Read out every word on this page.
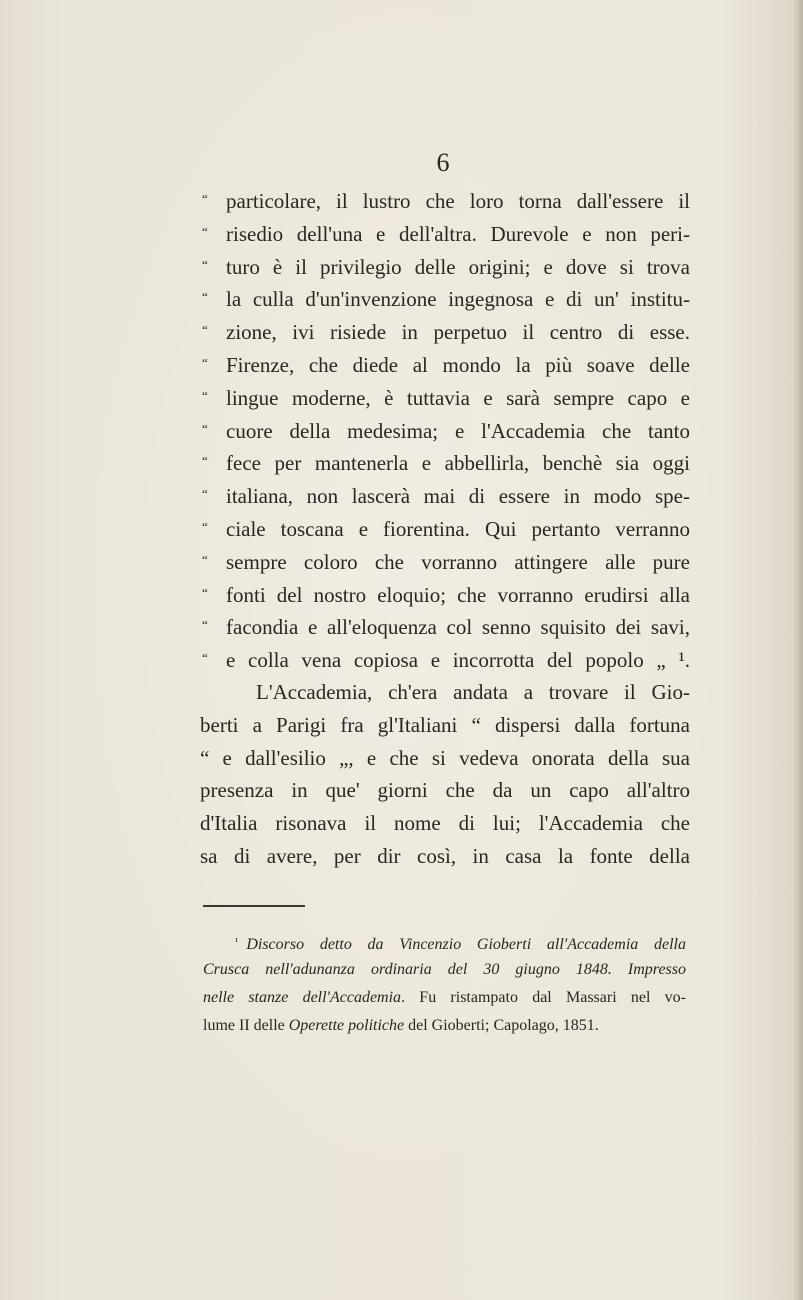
6
“ particolare, il lustro che loro torna dall'essere il
“ risedio dell'una e dell'altra. Durevole e non peri-
“ turo è il privilegio delle origini; e dove si trova
“ la culla d'un'invenzione ingegnosa e di un' institu-
“ zione, ivi risiede in perpetuo il centro di esse.
“ Firenze, che diede al mondo la più soave delle
“ lingue moderne, è tuttavia e sarà sempre capo e
“ cuore della medesima; e l'Accademia che tanto
“ fece per mantenerla e abbellirla, benchè sia oggi
“ italiana, non lascerà mai di essere in modo spe-
“ ciale toscana e fiorentina. Qui pertanto verranno
“ sempre coloro che vorranno attingere alle pure
“ fonti del nostro eloquio; che vorranno erudirsi alla
“ facondia e all'eloquenza col senno squisito dei savi,
“ e colla vena copiosa e incorrotta del popolo „ ¹.
L'Accademia, ch'era andata a trovare il Gio-
berti a Parigi fra gl'Italiani “ dispersi dalla fortuna
“ e dall'esilio „, e che si vedeva onorata della sua
presenza in que' giorni che da un capo all'altro
d'Italia risonava il nome di lui; l'Accademia che
sa di avere, per dir così, in casa la fonte della
$^{^1}$ Discorso detto da Vincenzio Gioberti all'Accademia della
Crusca nell'adunanza ordinaria del 30 giugno 1848. Impresso
nelle stanze dell'Accademia. Fu ristampato dal Massari nel vo-
lume II delle Operette politiche del Gioberti; Capolago, 1851.
